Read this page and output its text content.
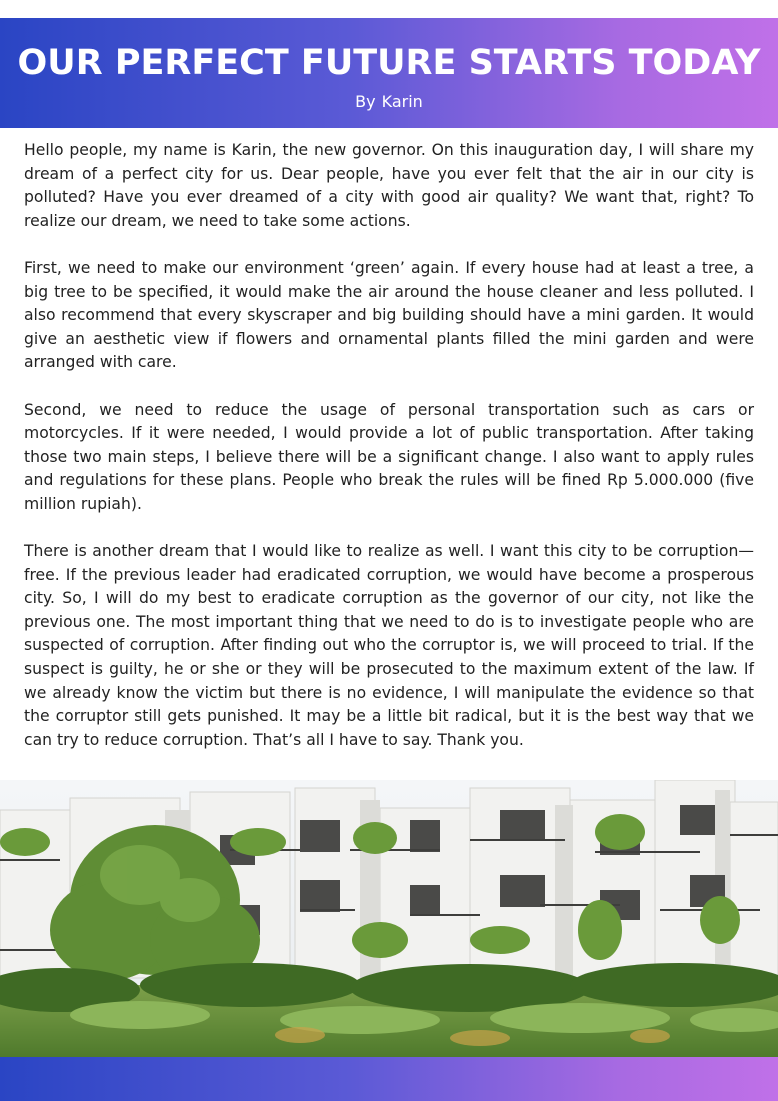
OUR PERFECT FUTURE STARTS TODAY
By Karin

Hello people, my name is Karin, the new governor. On this inauguration day, I will share my dream of a perfect city for us. Dear people, have you ever felt that the air in our city is polluted? Have you ever dreamed of a city with good air quality? We want that, right? To realize our dream, we need to take some actions.

First, we need to make our environment ‘green’ again. If every house had at least a tree, a big tree to be specified, it would make the air around the house cleaner and less polluted. I also recommend that every skyscraper and big building should have a mini garden. It would give an aesthetic view if flowers and ornamental plants filled the mini garden and were arranged with care.

Second, we need to reduce the usage of personal transportation such as cars or motorcycles. If it were needed, I would provide a lot of public transportation. After taking those two main steps, I believe there will be a significant change. I also want to apply rules and regulations for these plans. People who break the rules will be fined Rp 5.000.000 (five million rupiah).

There is another dream that I would like to realize as well. I want this city to be corruption—free. If the previous leader had eradicated corruption, we would have become a prosperous city. So, I will do my best to eradicate corruption as the governor of our city, not like the previous one. The most important thing that we need to do is to investigate people who are suspected of corruption. After finding out who the corruptor is, we will proceed to trial. If the suspect is guilty, he or she or they will be prosecuted to the maximum extent of the law. If we already know the victim but there is no evidence, I will manipulate the evidence so that the corruptor still gets punished. It may be a little bit radical, but it is the best way that we can try to reduce corruption. That’s all I have to say. Thank you.
